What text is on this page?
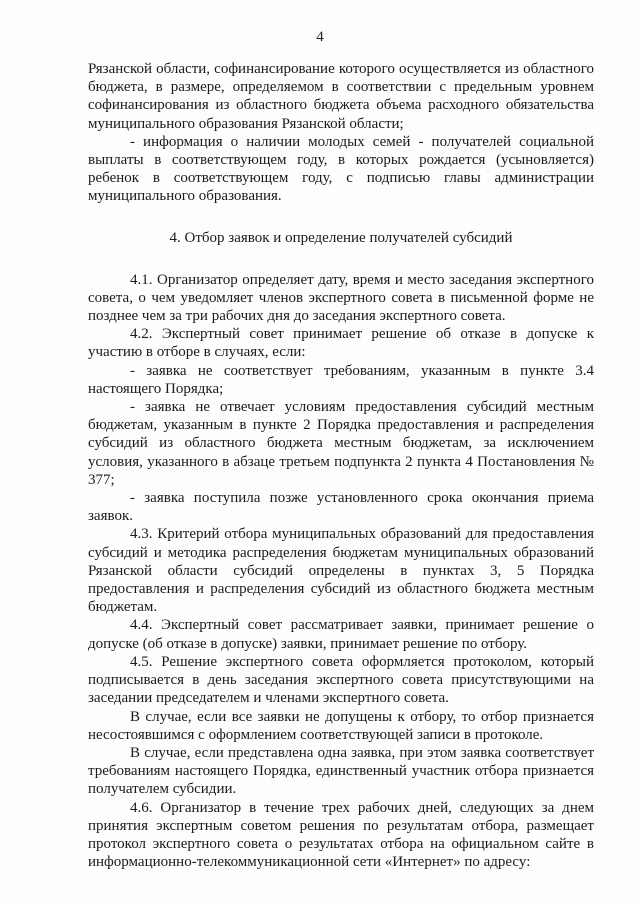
4

Рязанской области, софинансирование которого осуществляется из областного бюджета, в размере, определяемом в соответствии с предельным уровнем софинансирования из областного бюджета объема расходного обязательства муниципального образования Рязанской области;

- информация о наличии молодых семей - получателей социальной выплаты в соответствующем году, в которых рождается (усыновляется) ребенок в соответствующем году, с подписью главы администрации муниципального образования.

4. Отбор заявок и определение получателей субсидий

4.1. Организатор определяет дату, время и место заседания экспертного совета, о чем уведомляет членов экспертного совета в письменной форме не позднее чем за три рабочих дня до заседания экспертного совета.

4.2. Экспертный совет принимает решение об отказе в допуске к участию в отборе в случаях, если:

- заявка не соответствует требованиям, указанным в пункте 3.4 настоящего Порядка;

- заявка не отвечает условиям предоставления субсидий местным бюджетам, указанным в пункте 2 Порядка предоставления и распределения субсидий из областного бюджета местным бюджетам, за исключением условия, указанного в абзаце третьем подпункта 2 пункта 4 Постановления № 377;

- заявка поступила позже установленного срока окончания приема заявок.

4.3. Критерий отбора муниципальных образований для предоставления субсидий и методика распределения бюджетам муниципальных образований Рязанской области субсидий определены в пунктах 3, 5 Порядка предоставления и распределения субсидий из областного бюджета местным бюджетам.

4.4. Экспертный совет рассматривает заявки, принимает решение о допуске (об отказе в допуске) заявки, принимает решение по отбору.

4.5. Решение экспертного совета оформляется протоколом, который подписывается в день заседания экспертного совета присутствующими на заседании председателем и членами экспертного совета.

В случае, если все заявки не допущены к отбору, то отбор признается несостоявшимся с оформлением соответствующей записи в протоколе.

В случае, если представлена одна заявка, при этом заявка соответствует требованиям настоящего Порядка, единственный участник отбора признается получателем субсидии.

4.6. Организатор в течение трех рабочих дней, следующих за днем принятия экспертным советом решения по результатам отбора, размещает протокол экспертного совета о результатах отбора на официальном сайте в информационно-телекоммуникационной сети «Интернет» по адресу:
